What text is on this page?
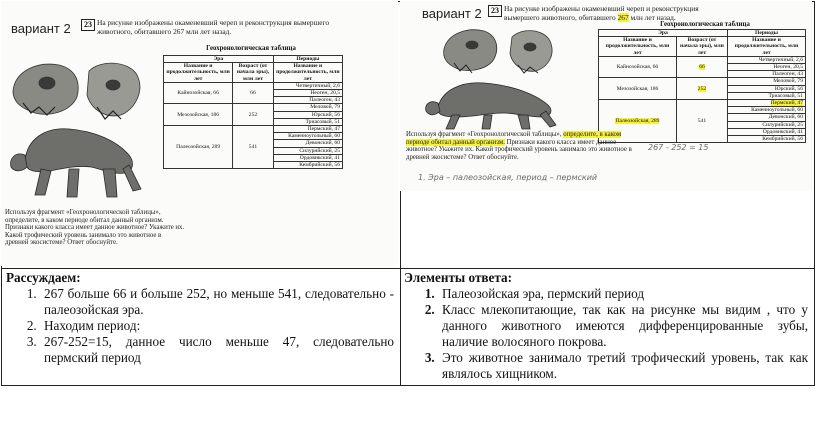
вариант 2	23 На рисунке изображены окаменевший череп и реконструкция вымершего животного, обитавшего 267 млн лет назад.
Геохронологическая таблица
Эра		Периоды
Название и продолжительность, млн лет	Возраст (от начала эры), млн лет	Название и продолжительность, млн лет
Кайнозойская, 66	66	Четвертичный, 2,6
		Неоген, 20,5
		Палеоген, 43
Мезозойская, 186	252	Меловой, 79
		Юрский, 56
		Триасовый, 51
Палеозойская, 289	541	Пермский, 47
		Каменноугольный, 60
		Девонский, 60
		Силурийский, 25
		Ордовикский, 41
		Кембрийский, 56
Используя фрагмент «Геохронологической таблицы», определите, в каком периоде обитал данный организм. Признаки какого класса имеет данное животное? Укажите их. Какой трофический уровень занимало это животное в древней экосистеме? Ответ обоснуйте.
вариант 2	23 На рисунке изображены окаменевший череп и реконструкция вымершего животного, обитавшего 267 млн лет назад.
Геохронологическая таблица
Эра		Периоды
Название и продолжительность, млн лет	Возраст (от начала эры), млн лет	Название и продолжительность, млн лет
Кайнозойская, 66	66	Четвертичный, 2,6
		Неоген, 20,5
		Палеоген, 43
Мезозойская, 186	252	Меловой, 79
		Юрский, 56
		Триасовый, 51
Палеозойская, 289	541	Пермский, 47
		Каменноугольный, 60
		Девонский, 60
		Силурийский, 25
		Ордовикский, 41
		Кембрийский, 56
Используя фрагмент «Геохронологической таблицы», определите, в каком периоде обитал данный организм. Признаки какого класса имеет данное животное? Укажите их. Какой трофический уровень занимало это животное в древней экосистеме? Ответ обоснуйте.
267 - 252 = 15
1. Эра – палеозойская, период – пермский
Рассуждаем:
1. 267 больше 66 и больше 252, но меньше 541, следовательно - палеозойская эра.
2. Находим период:
3. 267-252=15, данное число меньше 47, следовательно пермский период
Элементы ответа:
1. Палеозойская эра, пермский период
2. Класс млекопитающие, так как на рисунке мы видим , что у данного животного имеются дифференцированные зубы, наличие волосяного покрова.
3. Это животное занимало третий трофический уровень, так как являлось хищником.
